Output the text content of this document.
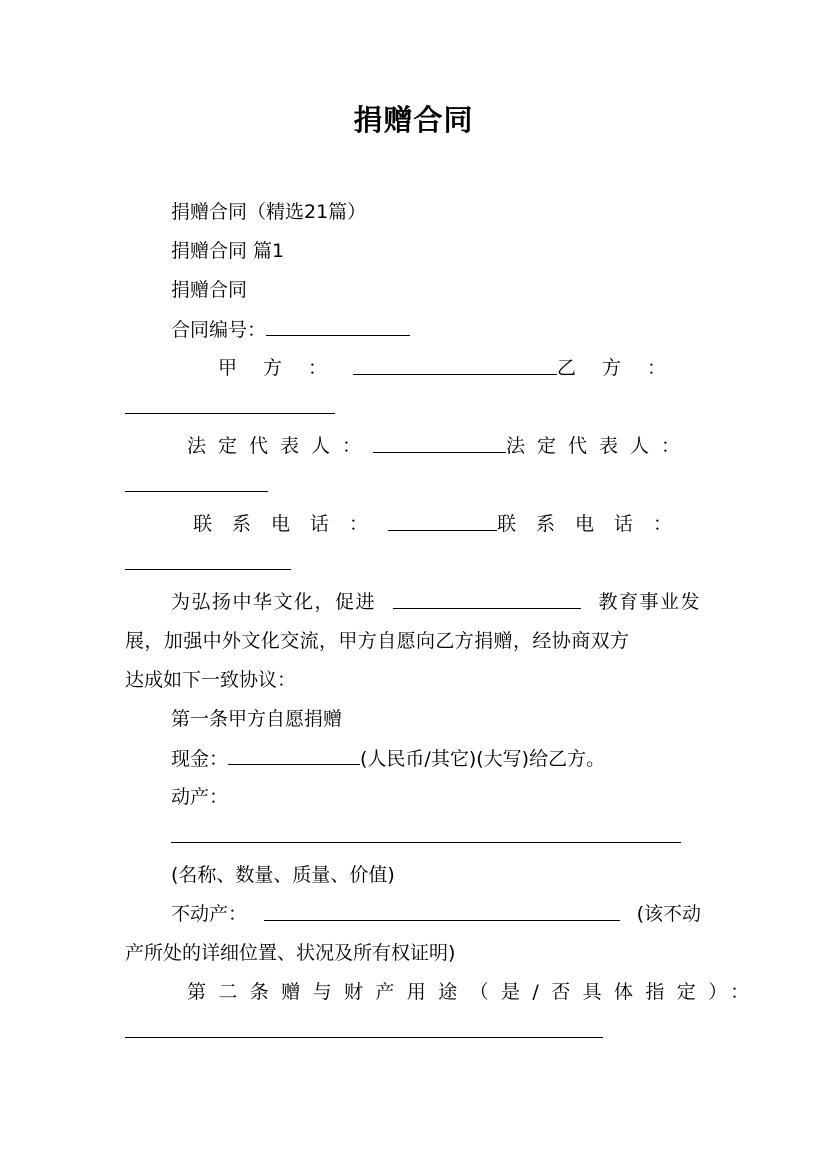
捐赠合同
捐赠合同（精选21篇）
捐赠合同 篇1
捐赠合同
合同编号：
甲方：	乙方：
法定代表人：	法定代表人：
联系电话：	联系电话：
为弘扬中华文化，促进	教育事业发
展，加强中外文化交流，甲方自愿向乙方捐赠，经协商双方
达成如下一致协议：
第一条甲方自愿捐赠
现金：	(人民币/其它)(大写)给乙方。
动产：
(名称、数量、质量、价值)
不动产：	(该不动
产所处的详细位置、状况及所有权证明)
第二条赠与财产用途（是/否具体指定）：
